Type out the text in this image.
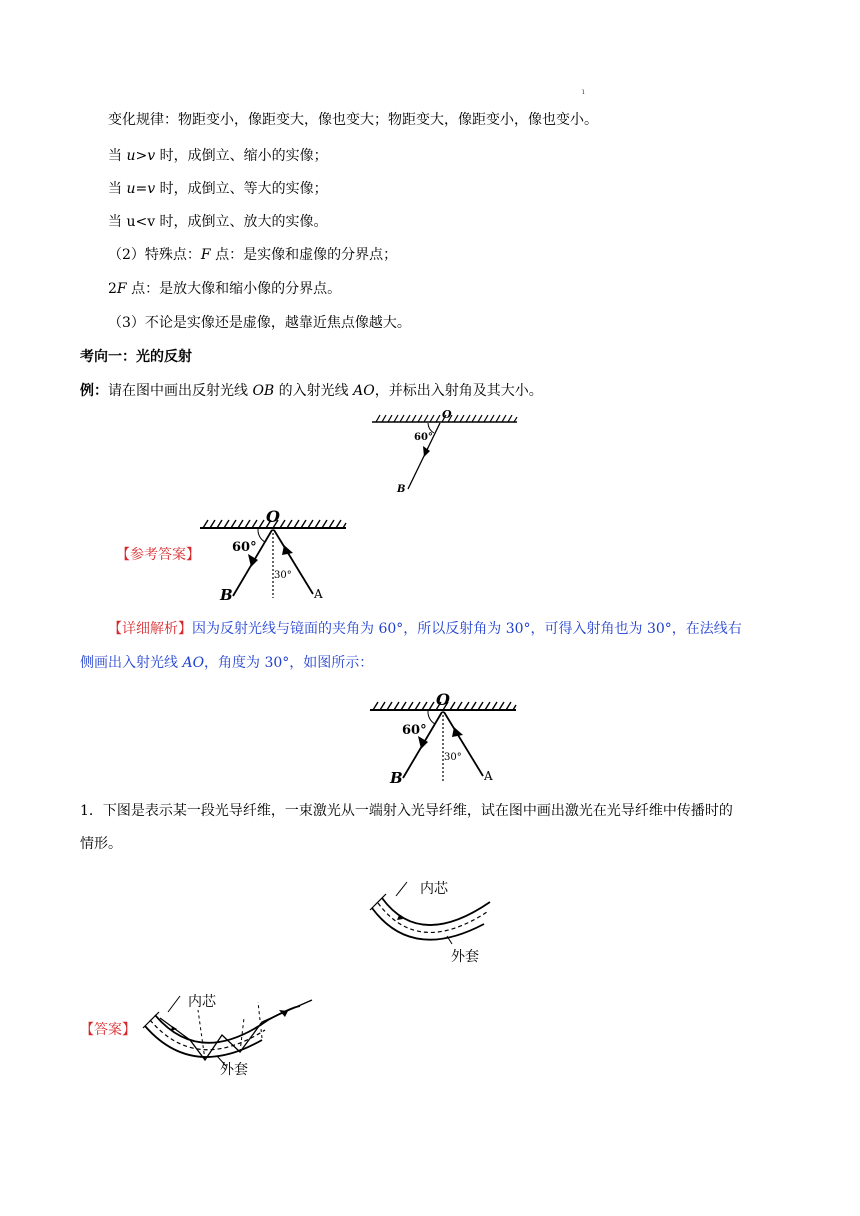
ı
变化规律：物距变小，像距变大，像也变大；物距变大，像距变小，像也变小。
当 u>v 时，成倒立、缩小的实像；
当 u=v 时，成倒立、等大的实像；
当 u<v 时，成倒立、放大的实像。
（2）特殊点：F 点：是实像和虚像的分界点；
2F 点：是放大像和缩小像的分界点。
（3）不论是实像还是虚像，越靠近焦点像越大。
考向一：光的反射
例：请在图中画出反射光线 OB 的入射光线 AO，并标出入射角及其大小。
O
60°
B
【参考答案】
O
60°
30°
B	A
【详细解析】因为反射光线与镜面的夹角为 60°，所以反射角为 30°，可得入射角也为 30°，在法线右
侧画出入射光线 AO，角度为 30°，如图所示：
O
60°
30°
B	A
1．下图是表示某一段光导纤维，一束激光从一端射入光导纤维，试在图中画出激光在光导纤维中传播时的
情形。
内芯
外套
【答案】
内芯
外套
